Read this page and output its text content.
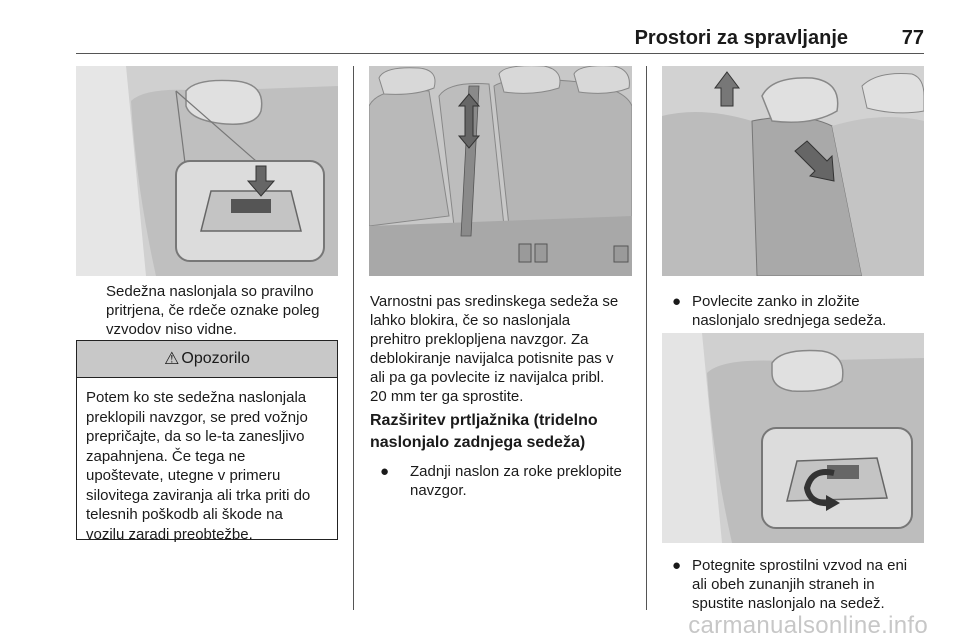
Prostori za spravljanje	77
Sedežna naslonjala so pravilno
pritrjena, če rdeče oznake poleg
vzvodov niso vidne.
⚠ Opozorilo
Potem ko ste sedežna naslonjala
preklopili navzgor, se pred vožnjo
prepričajte, da so le-ta zanesljivo
zapahnjena. Če tega ne
upoštevate, utegne v primeru
silovitega zaviranja ali trka priti do
telesnih poškodb ali škode na
vozilu zaradi preobtežbe.
Varnostni pas sredinskega sedeža se
lahko blokira, če so naslonjala
prehitro preklopljena navzgor. Za
deblokiranje navijalca potisnite pas v
ali pa ga povlecite iz navijalca pribl.
20 mm ter ga sprostite.
Razširitev prtljažnika (tridelno
naslonjalo zadnjega sedeža)
● Zadnji naslon za roke preklopite
navzgor.
● Povlecite zanko in zložite
naslonjalo srednjega sedeža.
● Potegnite sprostilni vzvod na eni
ali obeh zunanjih straneh in
spustite naslonjalo na sedež.
carmanualsonline.info
